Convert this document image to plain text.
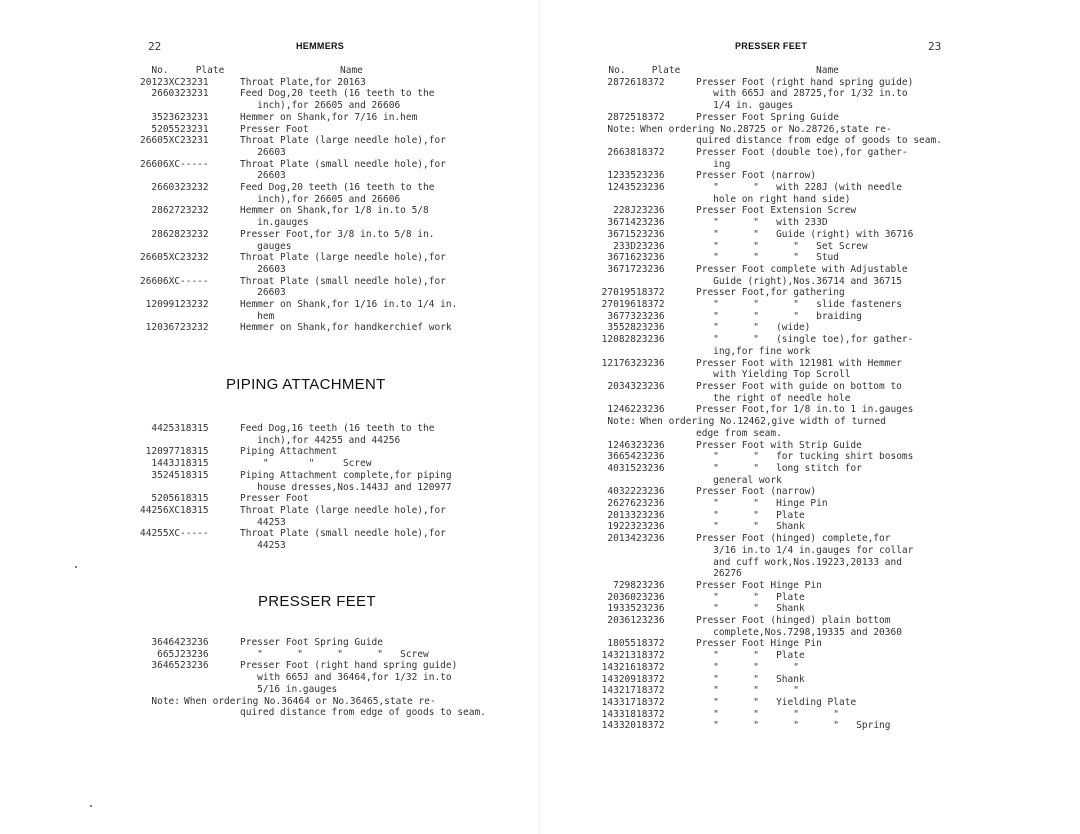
22	HEMMERS
No.	Plate	Name
20123XC 23231	Throat Plate,for 20163
26603 23231	Feed Dog,20 teeth (16 teeth to the
inch),for 26605 and 26606
35236 23231	Hemmer on Shank,for 7/16 in.hem
52055 23231	Presser Foot
26605XC 23231	Throat Plate (large needle hole),for
26603
26606XC -----	Throat Plate (small needle hole),for
26603
26603 23232	Feed Dog,20 teeth (16 teeth to the
inch),for 26605 and 26606
28627 23232	Hemmer on Shank,for 1/8 in.to 5/8
in.gauges
28628 23232	Presser Foot,for 3/8 in.to 5/8 in.
gauges
26605XC 23232	Throat Plate (large needle hole),for
26603
26606XC -----	Throat Plate (small needle hole),for
26603
120991 23232	Hemmer on Shank,for 1/16 in.to 1/4 in.
hem
120367 23232	Hemmer on Shank,for handkerchief work
PIPING ATTACHMENT
44253 18315	Feed Dog,16 teeth (16 teeth to the
inch),for 44255 and 44256
120977 18315	Piping Attachment
1443J 18315	"       "     Screw
35245 18315	Piping Attachment complete,for piping
house dresses,Nos.1443J and 120977
52056 18315	Presser Foot
44256XC 18315	Throat Plate (large needle hole),for
44253
44255XC -----	Throat Plate (small needle hole),for
44253
PRESSER FEET
36464 23236	Presser Foot Spring Guide
665J 23236	"      "      "      "   Screw
36465 23236	Presser Foot (right hand spring guide)
with 665J and 36464,for 1/32 in.to
5/16 in.gauges
Note: When ordering No.36464 or No.36465,state re-
quired distance from edge of goods to seam.
23
PRESSER FEET
No.	Plate	Name
28726 18372	Presser Foot (right hand spring guide)
with 665J and 28725,for 1/32 in.to
1/4 in. gauges
28725 18372	Presser Foot Spring Guide
Note: When ordering No.28725 or No.28726,state re-
quired distance from edge of goods to seam.
26638 18372	Presser Foot (double toe),for gather-
ing
12335 23236	Presser Foot (narrow)
12435 23236	"      "   with 228J (with needle
hole on right hand side)
228J 23236	Presser Foot Extension Screw
36714 23236	"      "   with 233D
36715 23236	"      "   Guide (right) with 36716
233D 23236	"      "      "   Set Screw
36716 23236	"      "      "   Stud
36717 23236	Presser Foot complete with Adjustable
Guide (right),Nos.36714 and 36715
270195 18372	Presser Foot,for gathering
270196 18372	"      "      "   slide fasteners
36773 23236	"      "      "   braiding
35528 23236	"      "   (wide)
120828 23236	"      "   (single toe),for gather-
ing,for fine work
121763 23236	Presser Foot with 121981 with Hemmer
with Yielding Top Scroll
20343 23236	Presser Foot with guide on bottom to
the right of needle hole
12462 23236	Presser Foot,for 1/8 in.to 1 in.gauges
Note: When ordering No.12462,give width of turned
edge from seam.
12463 23236	Presser Foot with Strip Guide
36654 23236	"      "   for tucking shirt bosoms
40315 23236	"      "   long stitch for
general work
40322 23236	Presser Foot (narrow)
26276 23236	"      "   Hinge Pin
20133 23236	"      "   Plate
19223 23236	"      "   Shank
20134 23236	Presser Foot (hinged) complete,for
3/16 in.to 1/4 in.gauges for collar
and cuff work,Nos.19223,20133 and
26276
7298 23236	Presser Foot Hinge Pin
20360 23236	"      "   Plate
19335 23236	"      "   Shank
20361 23236	Presser Foot (hinged) plain bottom
complete,Nos.7298,19335 and 20360
18055 18372	Presser Foot Hinge Pin
143213 18372	"      "   Plate
143216 18372	"      "      "
143209 18372	"      "   Shank
143217 18372	"      "      "
143317 18372	"      "   Yielding Plate
143318 18372	"      "      "      "
143320 18372	"      "      "      "   Spring
